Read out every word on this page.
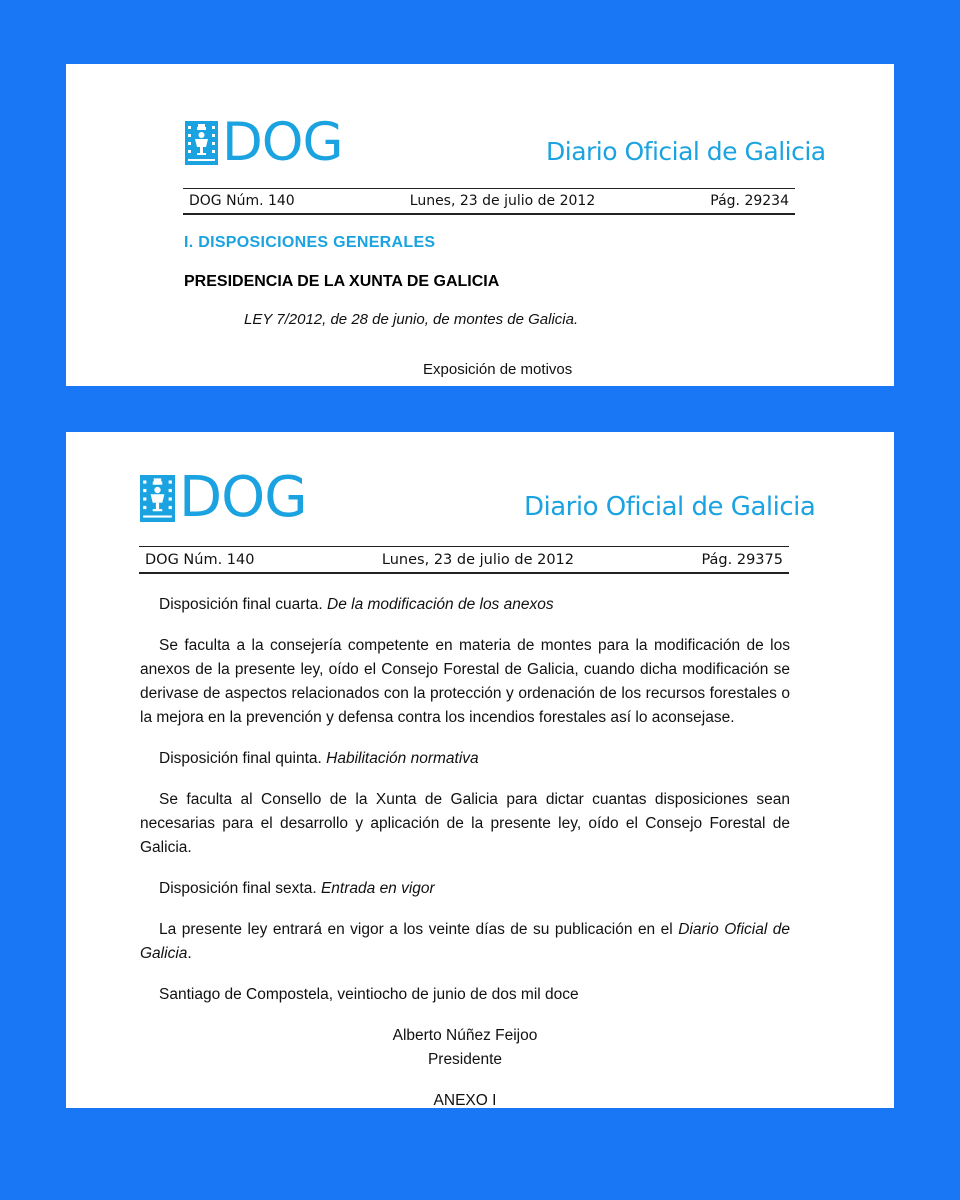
DOG	Diario Oficial de Galicia
DOG Núm. 140	Lunes, 23 de julio de 2012	Pág. 29234
I. DISPOSICIONES GENERALES
PRESIDENCIA DE LA XUNTA DE GALICIA
LEY 7/2012, de 28 de junio, de montes de Galicia.
Exposición de motivos
DOG	Diario Oficial de Galicia
DOG Núm. 140	Lunes, 23 de julio de 2012	Pág. 29375

Disposición final cuarta. De la modificación de los anexos

Se faculta a la consejería competente en materia de montes para la modificación de los anexos de la presente ley, oído el Consejo Forestal de Galicia, cuando dicha modificación se derivase de aspectos relacionados con la protección y ordenación de los recursos forestales o la mejora en la prevención y defensa contra los incendios forestales así lo aconsejase.

Disposición final quinta. Habilitación normativa

Se faculta al Consello de la Xunta de Galicia para dictar cuantas disposiciones sean necesarias para el desarrollo y aplicación de la presente ley, oído el Consejo Forestal de Galicia.

Disposición final sexta. Entrada en vigor

La presente ley entrará en vigor a los veinte días de su publicación en el Diario Oficial de Galicia.

Santiago de Compostela, veintiocho de junio de dos mil doce

Alberto Núñez Feijoo

Presidente

ANEXO I
